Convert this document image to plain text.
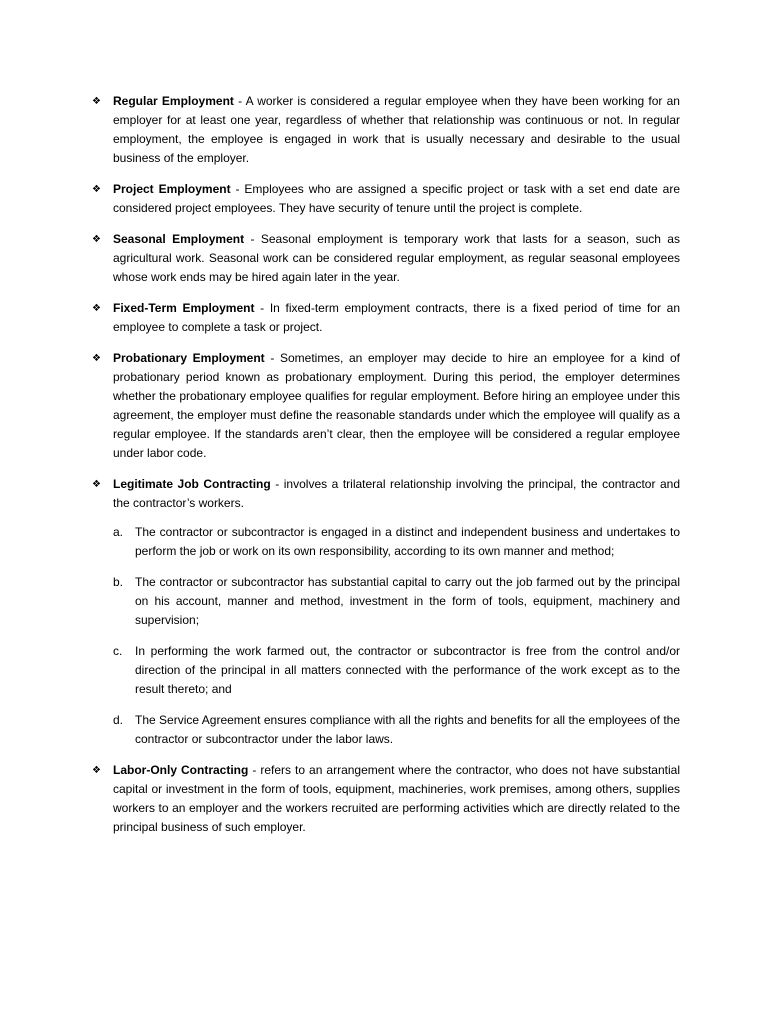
❖ Regular Employment - A worker is considered a regular employee when they have been working for an employer for at least one year, regardless of whether that relationship was continuous or not. In regular employment, the employee is engaged in work that is usually necessary and desirable to the usual business of the employer.
❖ Project Employment - Employees who are assigned a specific project or task with a set end date are considered project employees. They have security of tenure until the project is complete.
❖ Seasonal Employment - Seasonal employment is temporary work that lasts for a season, such as agricultural work. Seasonal work can be considered regular employment, as regular seasonal employees whose work ends may be hired again later in the year.
❖ Fixed-Term Employment - In fixed-term employment contracts, there is a fixed period of time for an employee to complete a task or project.
❖ Probationary Employment - Sometimes, an employer may decide to hire an employee for a kind of probationary period known as probationary employment. During this period, the employer determines whether the probationary employee qualifies for regular employment. Before hiring an employee under this agreement, the employer must define the reasonable standards under which the employee will qualify as a regular employee. If the standards aren’t clear, then the employee will be considered a regular employee under labor code.
❖ Legitimate Job Contracting - involves a trilateral relationship involving the principal, the contractor and the contractor’s workers.
a. The contractor or subcontractor is engaged in a distinct and independent business and undertakes to perform the job or work on its own responsibility, according to its own manner and method;
b. The contractor or subcontractor has substantial capital to carry out the job farmed out by the principal on his account, manner and method, investment in the form of tools, equipment, machinery and supervision;
c. In performing the work farmed out, the contractor or subcontractor is free from the control and/or direction of the principal in all matters connected with the performance of the work except as to the result thereto; and
d. The Service Agreement ensures compliance with all the rights and benefits for all the employees of the contractor or subcontractor under the labor laws.
❖ Labor-Only Contracting - refers to an arrangement where the contractor, who does not have substantial capital or investment in the form of tools, equipment, machineries, work premises, among others, supplies workers to an employer and the workers recruited are performing activities which are directly related to the principal business of such employer.
